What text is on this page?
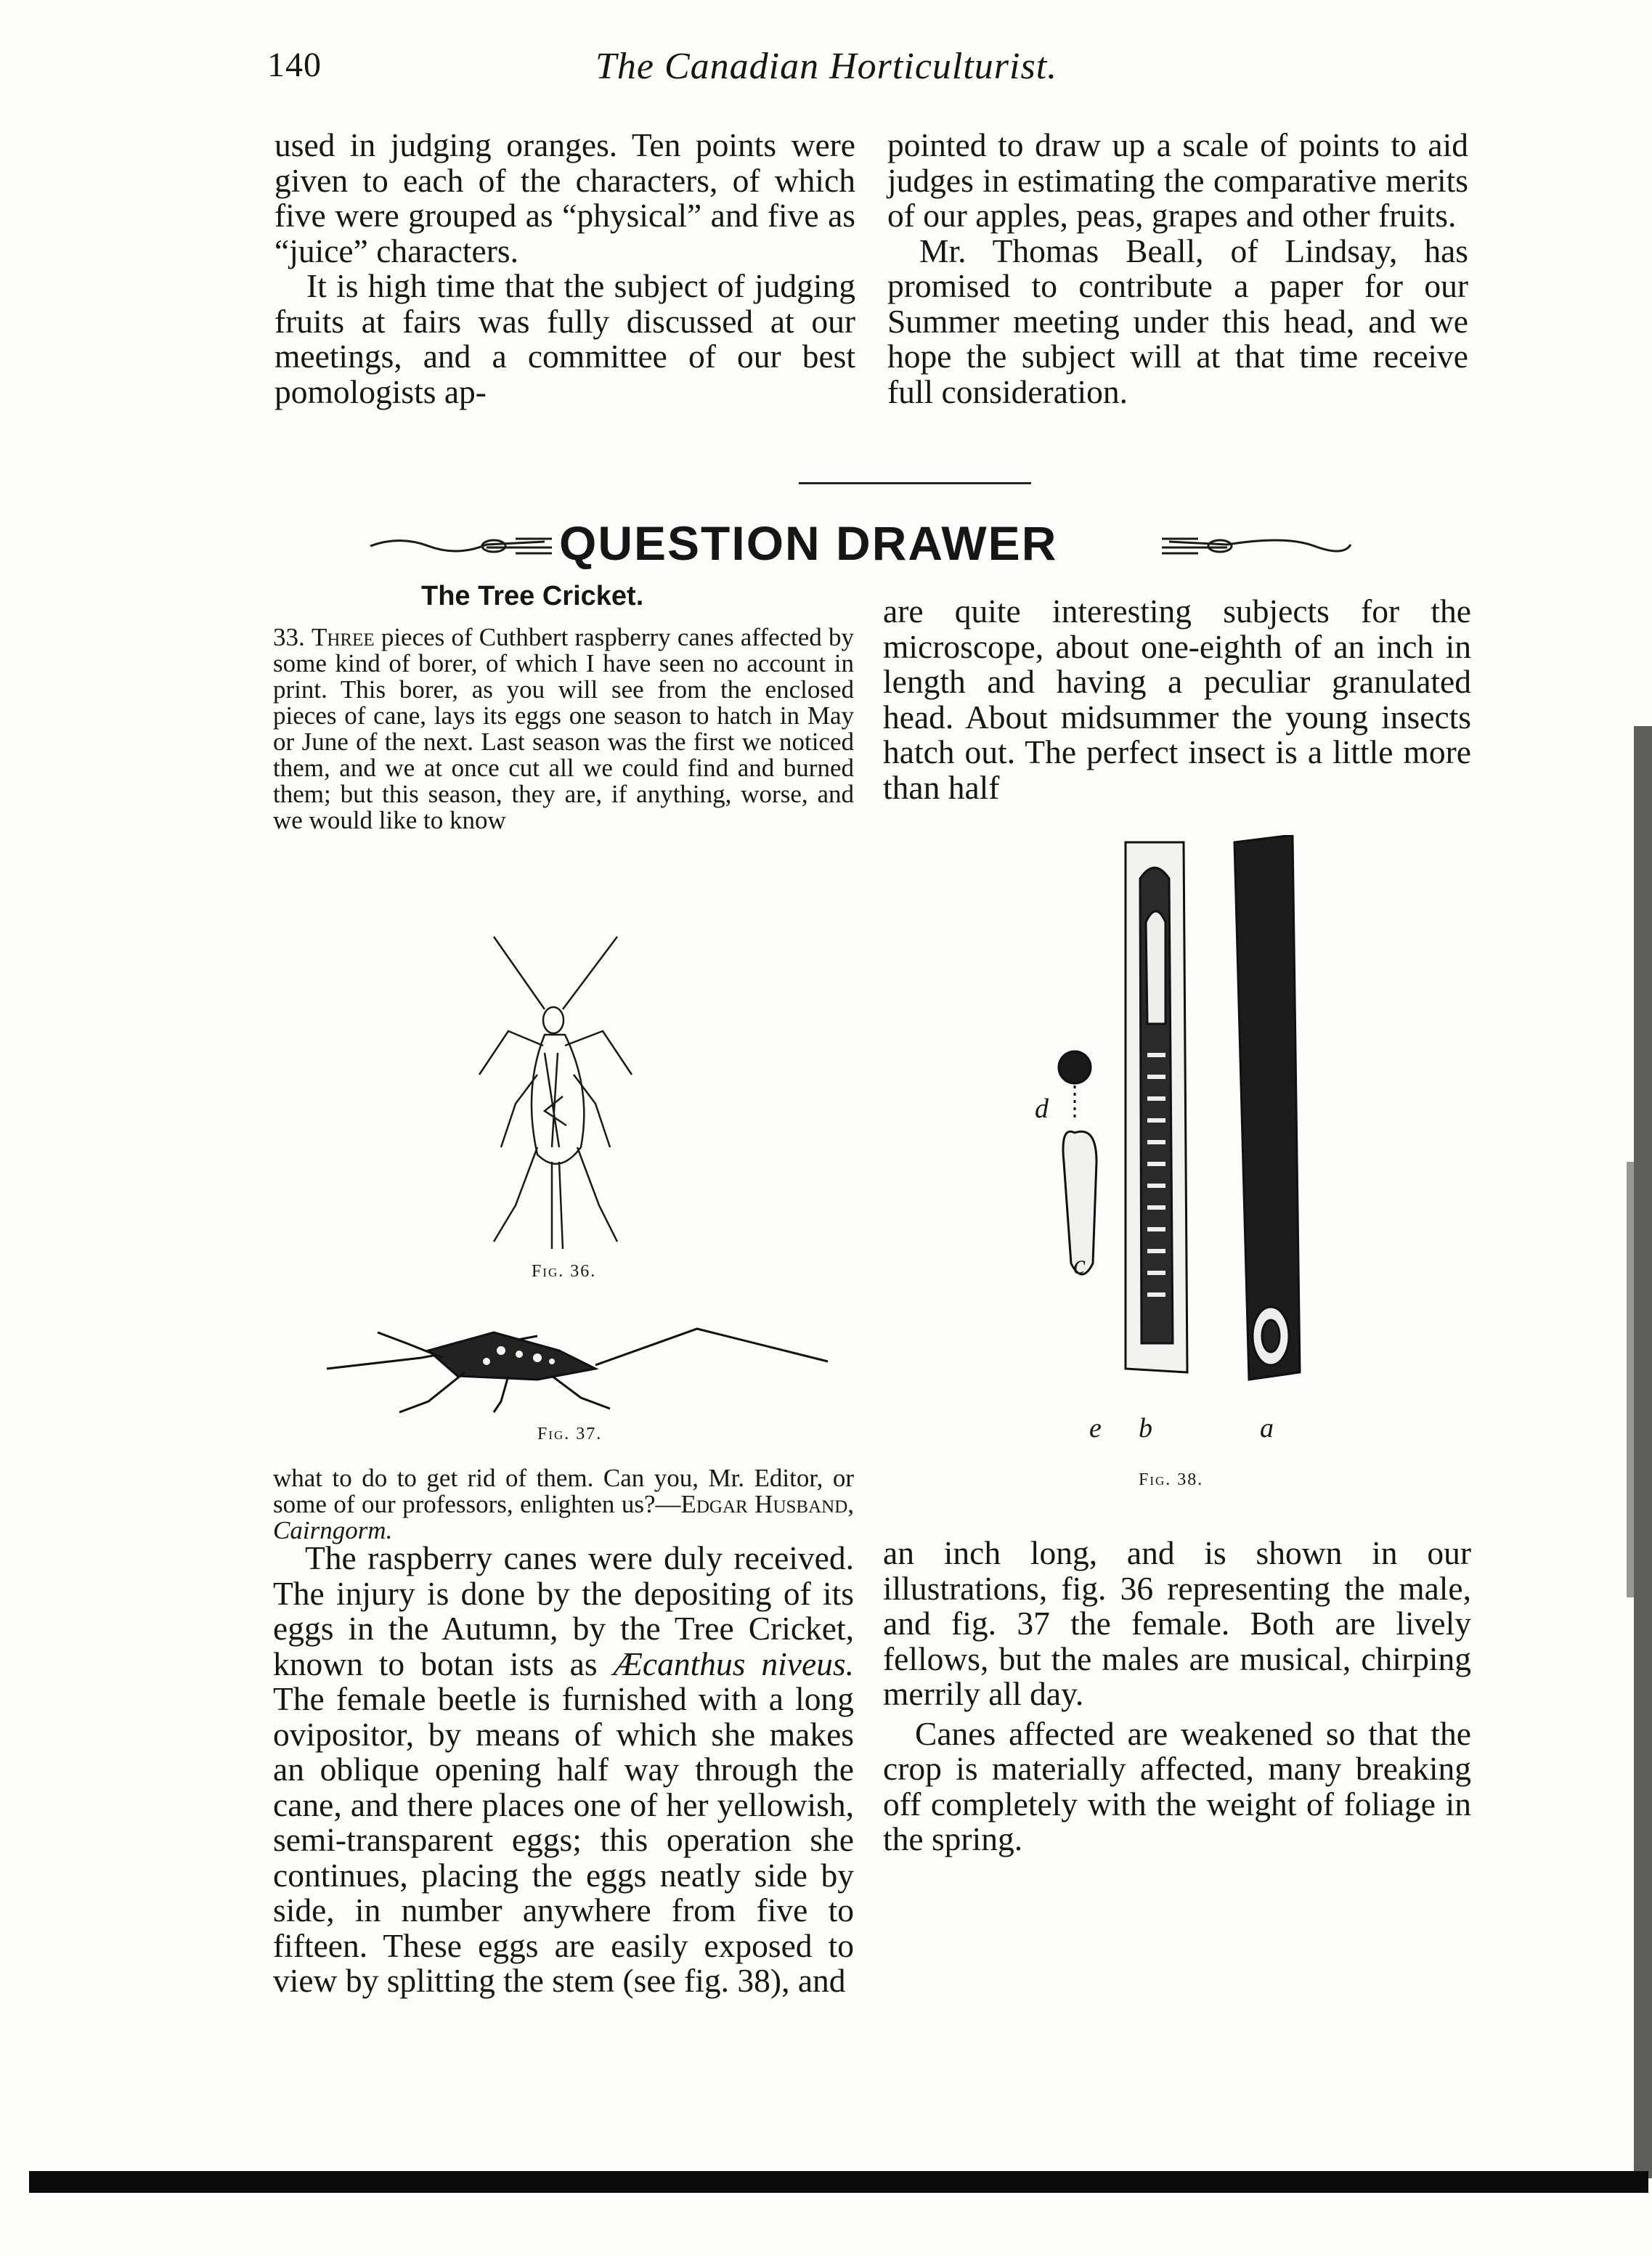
140	The Canadian Horticulturist.

used in judging oranges. Ten points were given to each of the characters, of which five were grouped as “physical” and five as “juice” characters.

It is high time that the subject of judging fruits at fairs was fully discussed at our meetings, and a committee of our best pomologists ap-

pointed to draw up a scale of points to aid judges in estimating the comparative merits of our apples, peas, grapes and other fruits.

Mr. Thomas Beall, of Lindsay, has promised to contribute a paper for our Summer meeting under this head, and we hope the subject will at that time receive full consideration.

QUESTION DRAWER
The Tree Cricket.

33. Three pieces of Cuthbert raspberry canes affected by some kind of borer, of which I have seen no account in print. This borer, as you will see from the enclosed pieces of cane, lays its eggs one season to hatch in May or June of the next. Last season was the first we noticed them, and we at once cut all we could find and burned them; but this season, they are, if anything, worse, and we would like to know

Fig. 36.
Fig. 37.

what to do to get rid of them. Can you, Mr. Editor, or some of our professors, enlighten us?—Edgar Husband, Cairngorm.

The raspberry canes were duly received. The injury is done by the depositing of its eggs in the Autumn, by the Tree Cricket, known to botan ists as Æcanthus niveus. The female beetle is furnished with a long ovipositor, by means of which she makes an oblique opening half way through the cane, and there places one of her yellowish, semi-transparent eggs; this operation she continues, placing the eggs neatly side by side, in number anywhere from five to fifteen. These eggs are easily exposed to view by splitting the stem (see fig. 38), and

are quite interesting subjects for the microscope, about one-eighth of an inch in length and having a peculiar granulated head. About midsummer the young insects hatch out. The perfect insect is a little more than half

d
c
e b	a
Fig. 38.

an inch long, and is shown in our illustrations, fig. 36 representing the male, and fig. 37 the female. Both are lively fellows, but the males are musical, chirping merrily all day.

Canes affected are weakened so that the crop is materially affected, many breaking off completely with the weight of foliage in the spring.
